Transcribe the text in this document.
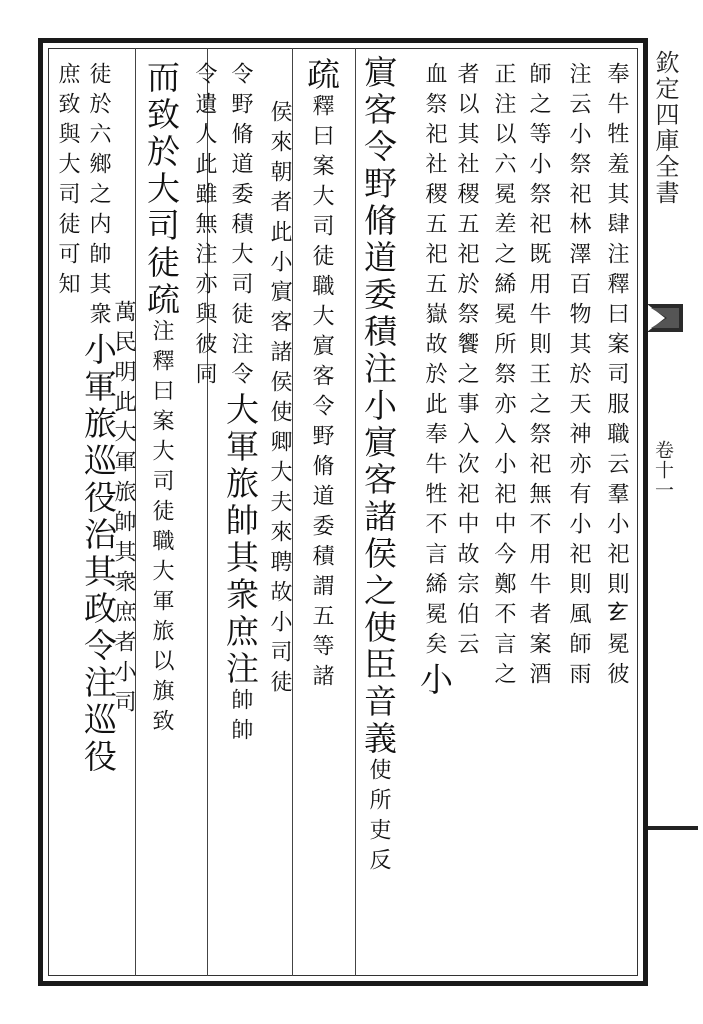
欽定四庫全書
卷十一
奉牛牲羞其肆注釋曰案司服職云羣小祀則𤣥冕彼
注云小祭祀林澤百物其於天神亦有小祀則風師雨
師之等小祭祀既用牛則王之祭祀無不用牛者案酒
正注以六冕差之絺冕所祭亦入小祀中今鄭不言之
者以其社稷五祀於祭饗之事入次祀中故宗伯云
血祭祀社稷五祀五嶽故於此奉牛牲不言絺冕矣小
賔客令野脩道委積注小賔客諸侯之使臣音義使所吏反
疏釋曰案大司徒職大賔客令野脩道委積謂五等諸
侯來朝者此小賔客諸侯使卿大夫來聘故小司徒
令野脩道委積大司徒注令大軍旅帥其衆庶注帥帥
令遺人此雖無注亦與彼同
而致於大司徒疏注釋曰案大司徒職大軍旅以旗致
萬民明此大軍旅帥其衆庶者小司
徒於六鄉之内帥其衆小軍旅巡役治其政令注巡役
庶致與大司徒可知
